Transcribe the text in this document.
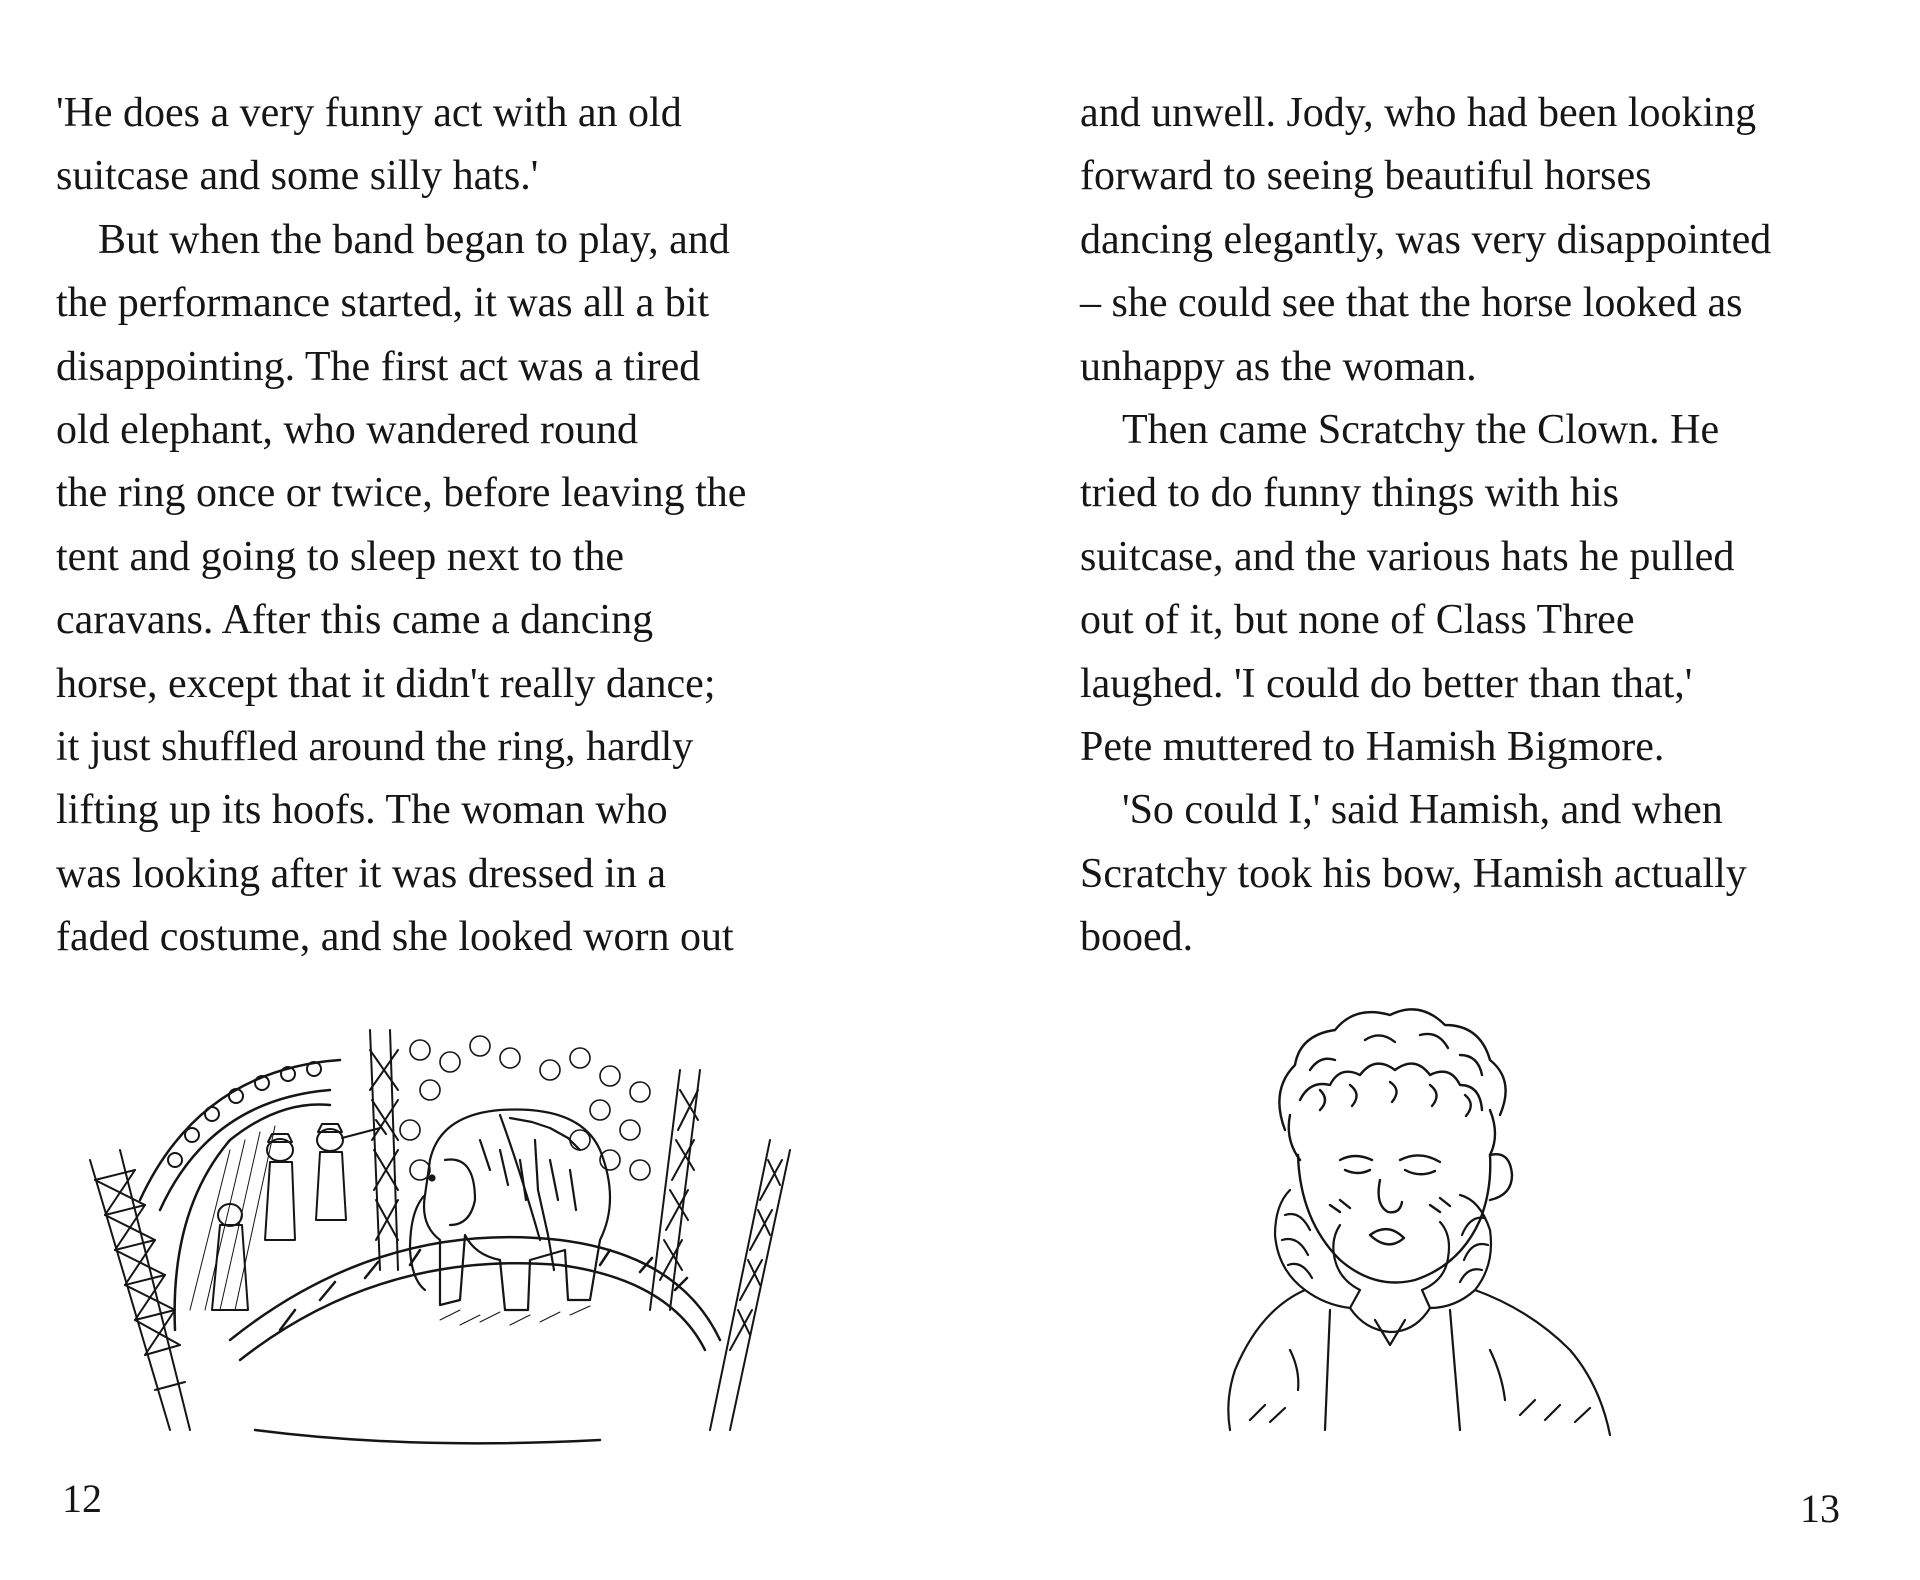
'He does a very funny act with an old
suitcase and some silly hats.'
But when the band began to play, and
the performance started, it was all a bit
disappointing. The first act was a tired
old elephant, who wandered round
the ring once or twice, before leaving the
tent and going to sleep next to the
caravans. After this came a dancing
horse, except that it didn't really dance;
it just shuffled around the ring, hardly
lifting up its hoofs. The woman who
was looking after it was dressed in a
faded costume, and she looked worn out
12
and unwell. Jody, who had been looking
forward to seeing beautiful horses
dancing elegantly, was very disappointed
– she could see that the horse looked as
unhappy as the woman.
Then came Scratchy the Clown. He
tried to do funny things with his
suitcase, and the various hats he pulled
out of it, but none of Class Three
laughed. 'I could do better than that,'
Pete muttered to Hamish Bigmore.
'So could I,' said Hamish, and when
Scratchy took his bow, Hamish actually
booed.
13
